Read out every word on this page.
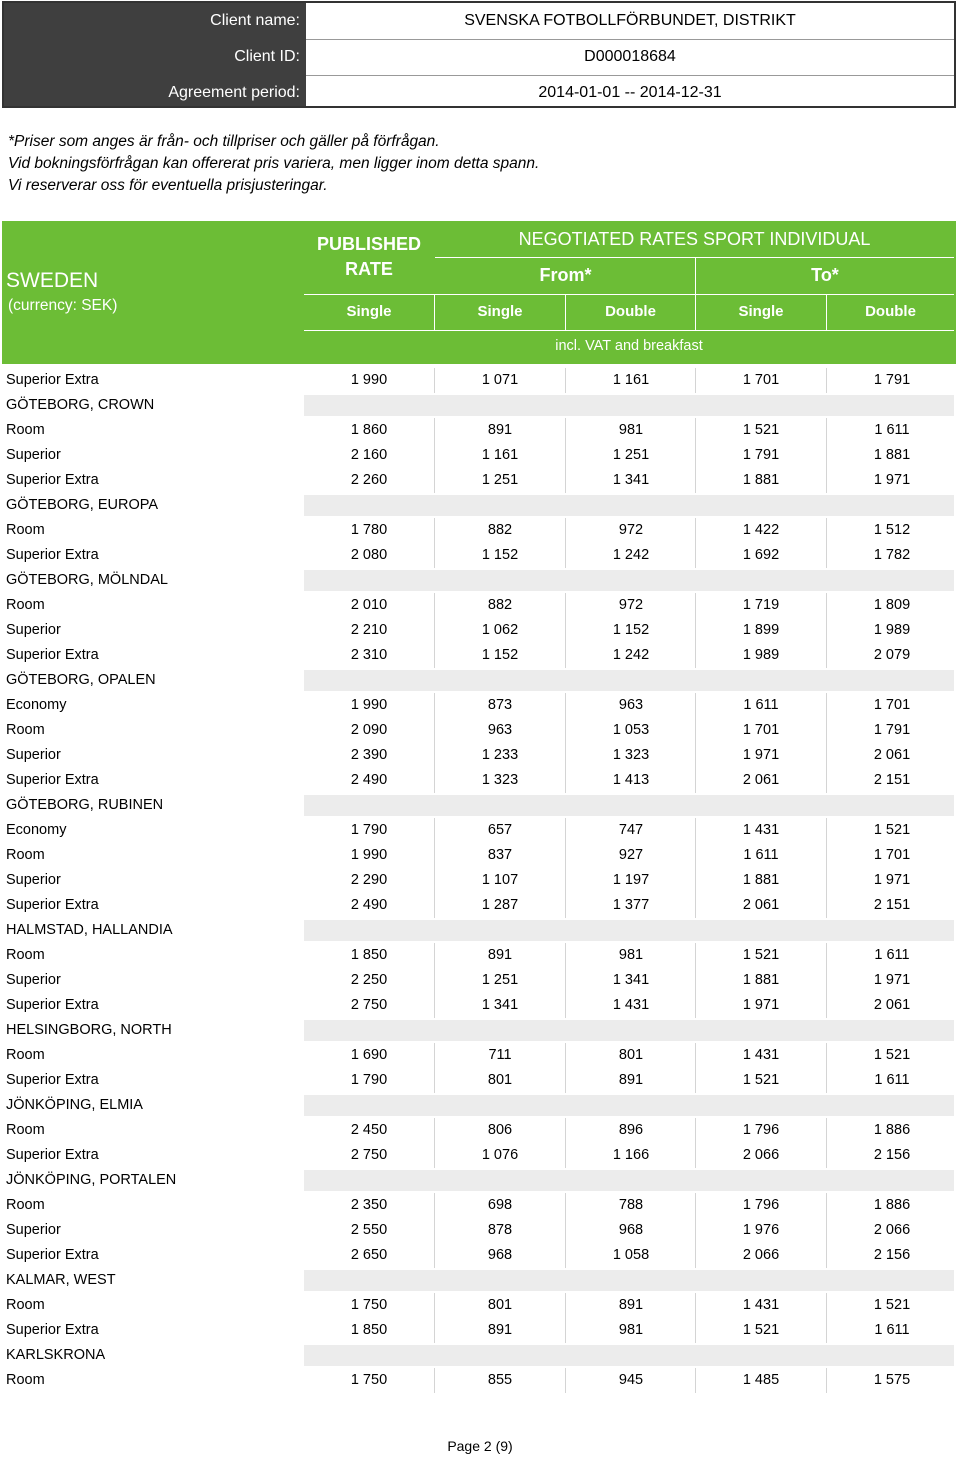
Client name:	SVENSKA FOTBOLLFÖRBUNDET, DISTRIKT
Client ID:	D000018684
Agreement period:	2014-01-01 -- 2014-12-31
*Priser som anges är från- och tillpriser och gäller på förfrågan.
Vid bokningsförfrågan kan offererat pris variera, men ligger inom detta spann.
Vi reserverar oss för eventuella prisjusteringar.
SWEDEN
(currency: SEK)
PUBLISHED
RATE
NEGOTIATED RATES SPORT INDIVIDUAL
From*	To*
Single	Single	Double	Single	Double
incl. VAT and breakfast
Superior Extra	1 990	1 071	1 161	1 701	1 791
GÖTEBORG, CROWN
Room	1 860	891	981	1 521	1 611
Superior	2 160	1 161	1 251	1 791	1 881
Superior Extra	2 260	1 251	1 341	1 881	1 971
GÖTEBORG, EUROPA
Room	1 780	882	972	1 422	1 512
Superior Extra	2 080	1 152	1 242	1 692	1 782
GÖTEBORG, MÖLNDAL
Room	2 010	882	972	1 719	1 809
Superior	2 210	1 062	1 152	1 899	1 989
Superior Extra	2 310	1 152	1 242	1 989	2 079
GÖTEBORG, OPALEN
Economy	1 990	873	963	1 611	1 701
Room	2 090	963	1 053	1 701	1 791
Superior	2 390	1 233	1 323	1 971	2 061
Superior Extra	2 490	1 323	1 413	2 061	2 151
GÖTEBORG, RUBINEN
Economy	1 790	657	747	1 431	1 521
Room	1 990	837	927	1 611	1 701
Superior	2 290	1 107	1 197	1 881	1 971
Superior Extra	2 490	1 287	1 377	2 061	2 151
HALMSTAD, HALLANDIA
Room	1 850	891	981	1 521	1 611
Superior	2 250	1 251	1 341	1 881	1 971
Superior Extra	2 750	1 341	1 431	1 971	2 061
HELSINGBORG, NORTH
Room	1 690	711	801	1 431	1 521
Superior Extra	1 790	801	891	1 521	1 611
JÖNKÖPING, ELMIA
Room	2 450	806	896	1 796	1 886
Superior Extra	2 750	1 076	1 166	2 066	2 156
JÖNKÖPING, PORTALEN
Room	2 350	698	788	1 796	1 886
Superior	2 550	878	968	1 976	2 066
Superior Extra	2 650	968	1 058	2 066	2 156
KALMAR, WEST
Room	1 750	801	891	1 431	1 521
Superior Extra	1 850	891	981	1 521	1 611
KARLSKRONA
Room	1 750	855	945	1 485	1 575
Page 2 (9)
